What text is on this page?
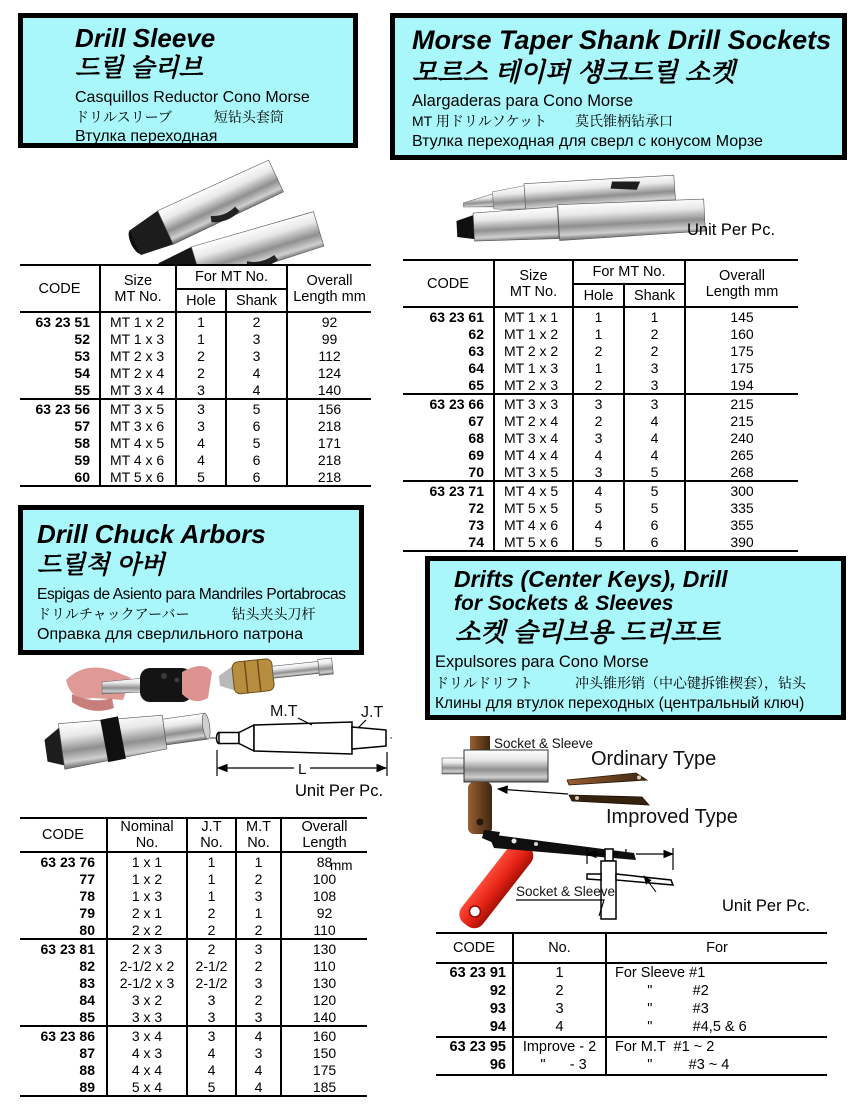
Drill Sleeve
드릴 슬리브
Casquillos Reductor Cono Morse
ドリルスリーブ　　　短钻头套筒
Втулка переходная
Morse Taper Shank Drill Sockets
모르스 테이퍼 섕크드릴 소켓
Alargaderas para Cono Morse
MT 用ドリルソケット　　莫氏锥柄钻承口
Втулка переходная для сверл с конусом Морзе
Drill Chuck Arbors
드릴척 아버
Espigas de Asiento para Mandriles Portabrocas
ドリルチャックアーバー　　　钻头夹头刀杆
Оправка для сверлильного патрона
Drifts (Center Keys), Drill
for Sockets & Sleeves
소켓 슬리브용 드리프트
Expulsores para Cono Morse
ドリルドリフト　　　冲头锥形销（中心键拆锥楔套），钻头
Клины для втулок переходных (центральный ключ)
Unit Per Pc.
CODE	Size
MT No.	For MT No.		Overall
Length mm
		Hole	Shank	
63 23 51	MT 1 x 2	1	2	92
52	MT 1 x 3	1	3	99
53	MT 2 x 3	2	3	112
54	MT 2 x 4	2	4	124
55	MT 3 x 4	3	4	140
63 23 56	MT 3 x 5	3	5	156
57	MT 3 x 6	3	6	218
58	MT 4 x 5	4	5	171
59	MT 4 x 6	4	6	218
60	MT 5 x 6	5	6	218
CODE	Size
MT No.	For MT No.		Overall
Length mm
		Hole	Shank	
63 23 61	MT 1 x 1	1	1	145
62	MT 1 x 2	1	2	160
63	MT 2 x 2	2	2	175
64	MT 1 x 3	1	3	175
65	MT 2 x 3	2	3	194
63 23 66	MT 3 x 3	3	3	215
67	MT 2 x 4	2	4	215
68	MT 3 x 4	3	4	240
69	MT 4 x 4	4	4	265
70	MT 3 x 5	3	5	268
63 23 71	MT 4 x 5	4	5	300
72	MT 5 x 5	5	5	335
73	MT 4 x 6	4	6	355
74	MT 5 x 6	5	6	390
M.T	J.T
L
Unit Per Pc.
Socket & Sleeve
Ordinary Type
Improved Type
L
Socket & Sleeve
Unit Per Pc.
CODE	Nominal
No.	J.T
No.	M.T
No.	Overall
Length
63 23 76	1 x 1	1	1	88
77	1 x 2	1	2	100
78	1 x 3	1	3	108
79	2 x 1	2	1	92
80	2 x 2	2	2	110
63 23 81	2 x 3	2	3	130
82	2-1/2 x 2	2-1/2	2	110
83	2-1/2 x 3	2-1/2	3	130
84	3 x 2	3	2	120
85	3 x 3	3	3	140
63 23 86	3 x 4	3	4	160
87	4 x 3	4	3	150
88	4 x 4	4	4	175
89	5 x 4	5	4	185
mm
CODE	No.	For
63 23 91	1	For Sleeve #1
92	2	"          #2
93	3	"          #3
94	4	"          #4,5 & 6
63 23 95	Improve - 2	For M.T  #1 ~ 2
96	"      - 3	"         #3 ~ 4
